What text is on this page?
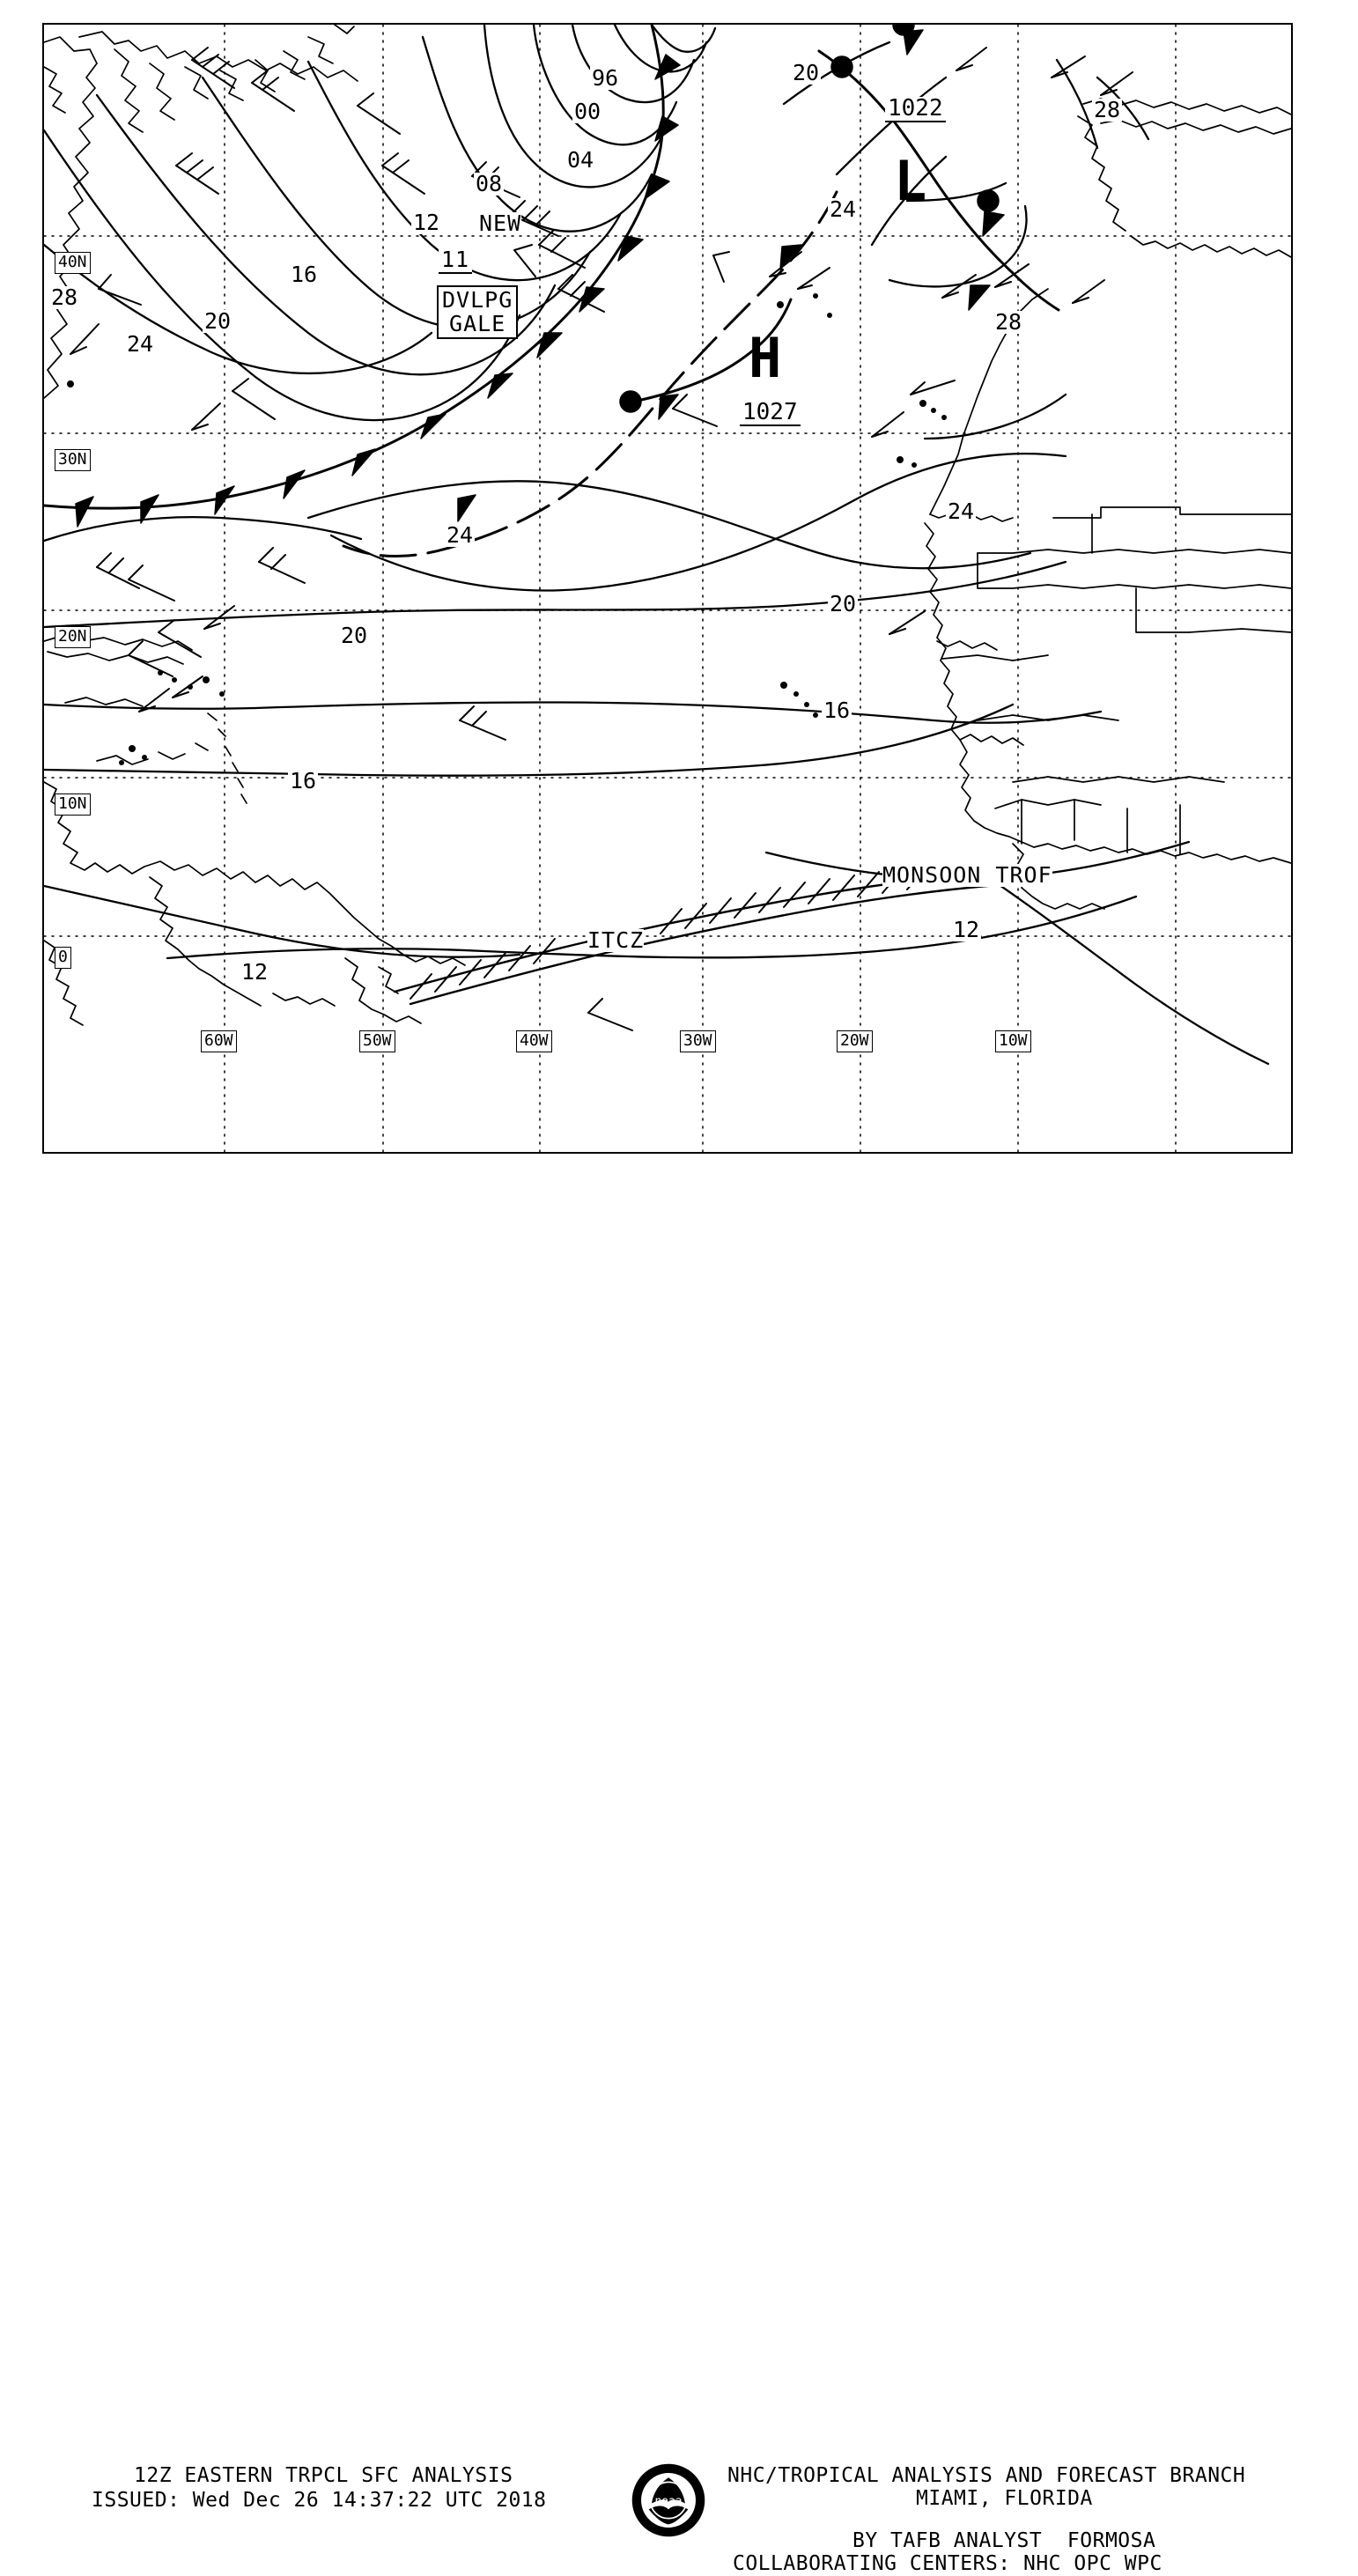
40N
30N
20N
10N
0
60W	50W	40W	30W	20W	10W
96
00
04
08
12
16
20
24
28
20
24
28
28
24
24
20
20
16
16
12
12
NEW
11
ITCZ
MONSOON TROF
DVLPG
GALE
L
1022
H
1027
12Z EASTERN TRPCL SFC ANALYSIS
ISSUED: Wed Dec 26 14:37:22 UTC 2018	noaa
NHC/TROPICAL ANALYSIS AND FORECAST BRANCH
MIAMI, FLORIDA
BY TAFB ANALYST  FORMOSA
COLLABORATING CENTERS: NHC OPC WPC
